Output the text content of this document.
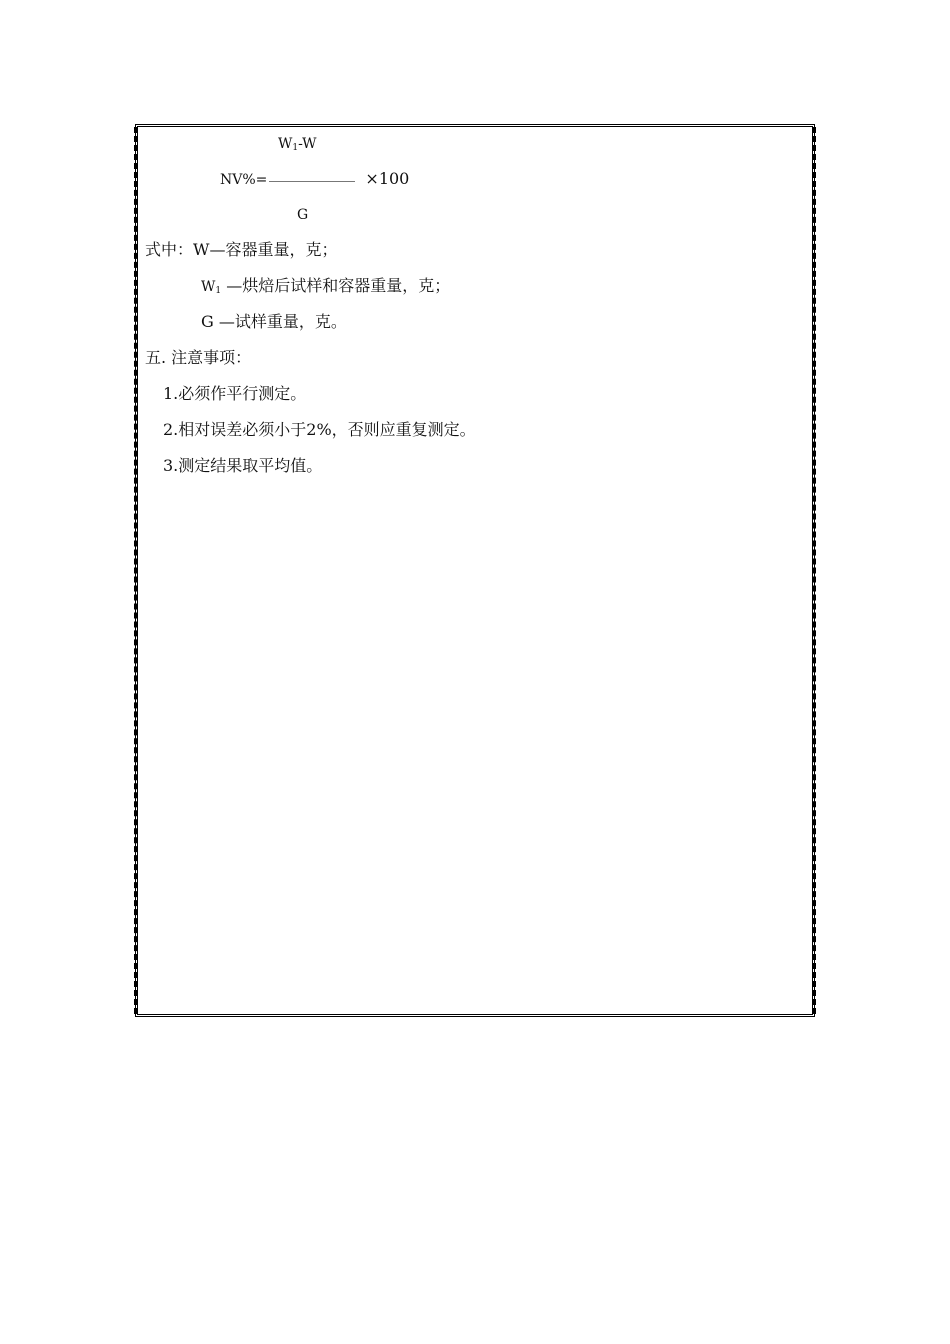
$W_1-W$
NV%=	×100
G
式中：W—容器重量，克；
$W_1$ —烘焙后试样和容器重量，克；
G —试样重量，克。
五. 注意事项：
1.必须作平行测定。
2.相对误差必须小于2%，否则应重复测定。
3.测定结果取平均值。
